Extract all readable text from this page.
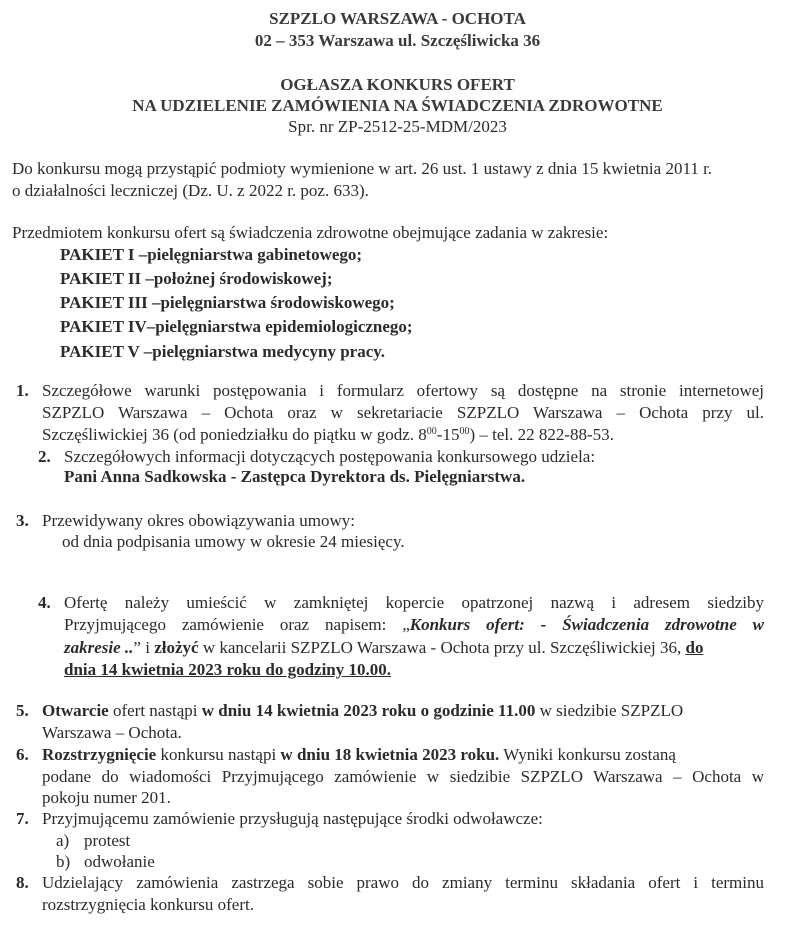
SZPZLO WARSZAWA - OCHOTA
02 – 353 Warszawa ul. Szczęśliwicka 36
OGŁASZA KONKURS OFERT
NA UDZIELENIE ZAMÓWIENIA NA ŚWIADCZENIA ZDROWOTNE
Spr. nr ZP-2512-25-MDM/2023
Do konkursu mogą przystąpić podmioty wymienione w art. 26 ust. 1 ustawy z dnia 15 kwietnia 2011 r.
o działalności leczniczej (Dz. U. z 2022 r. poz. 633).
Przedmiotem konkursu ofert są świadczenia zdrowotne obejmujące zadania w zakresie:
PAKIET I –pielęgniarstwa gabinetowego;
PAKIET II –położnej środowiskowej;
PAKIET III –pielęgniarstwa środowiskowego;
PAKIET IV–pielęgniarstwa epidemiologicznego;
PAKIET V –pielęgniarstwa medycyny pracy.
1. Szczegółowe warunki postępowania i formularz ofertowy są dostępne na stronie internetowej
SZPZLO Warszawa – Ochota oraz w sekretariacie SZPZLO Warszawa – Ochota przy ul.
Szczęśliwickiej 36 (od poniedziałku do piątku w godz. $8^{00}-15^{00}$) – tel. 22 822-88-53.
2. Szczegółowych informacji dotyczących postępowania konkursowego udziela:
Pani Anna Sadkowska - Zastępca Dyrektora ds. Pielęgniarstwa.
3. Przewidywany okres obowiązywania umowy:
od dnia podpisania umowy w okresie 24 miesięcy.
4. Ofertę należy umieścić w zamkniętej kopercie opatrzonej nazwą i adresem siedziby
Przyjmującego zamówienie oraz napisem: „Konkurs ofert: - Świadczenia zdrowotne w
zakresie ..” i złożyć w kancelarii SZPZLO Warszawa - Ochota przy ul. Szczęśliwickiej 36, do
dnia 14 kwietnia 2023 roku do godziny 10.00.
5. Otwarcie ofert nastąpi w dniu 14 kwietnia 2023 roku o godzinie 11.00 w siedzibie SZPZLO
Warszawa – Ochota.
6. Rozstrzygnięcie konkursu nastąpi w dniu 18 kwietnia 2023 roku. Wyniki konkursu zostaną
podane do wiadomości Przyjmującego zamówienie w siedzibie SZPZLO Warszawa – Ochota w
pokoju numer 201.
7. Przyjmującemu zamówienie przysługują następujące środki odwoławcze:
a) protest
b) odwołanie
8. Udzielający zamówienia zastrzega sobie prawo do zmiany terminu składania ofert i terminu
rozstrzygnięcia konkursu ofert.
